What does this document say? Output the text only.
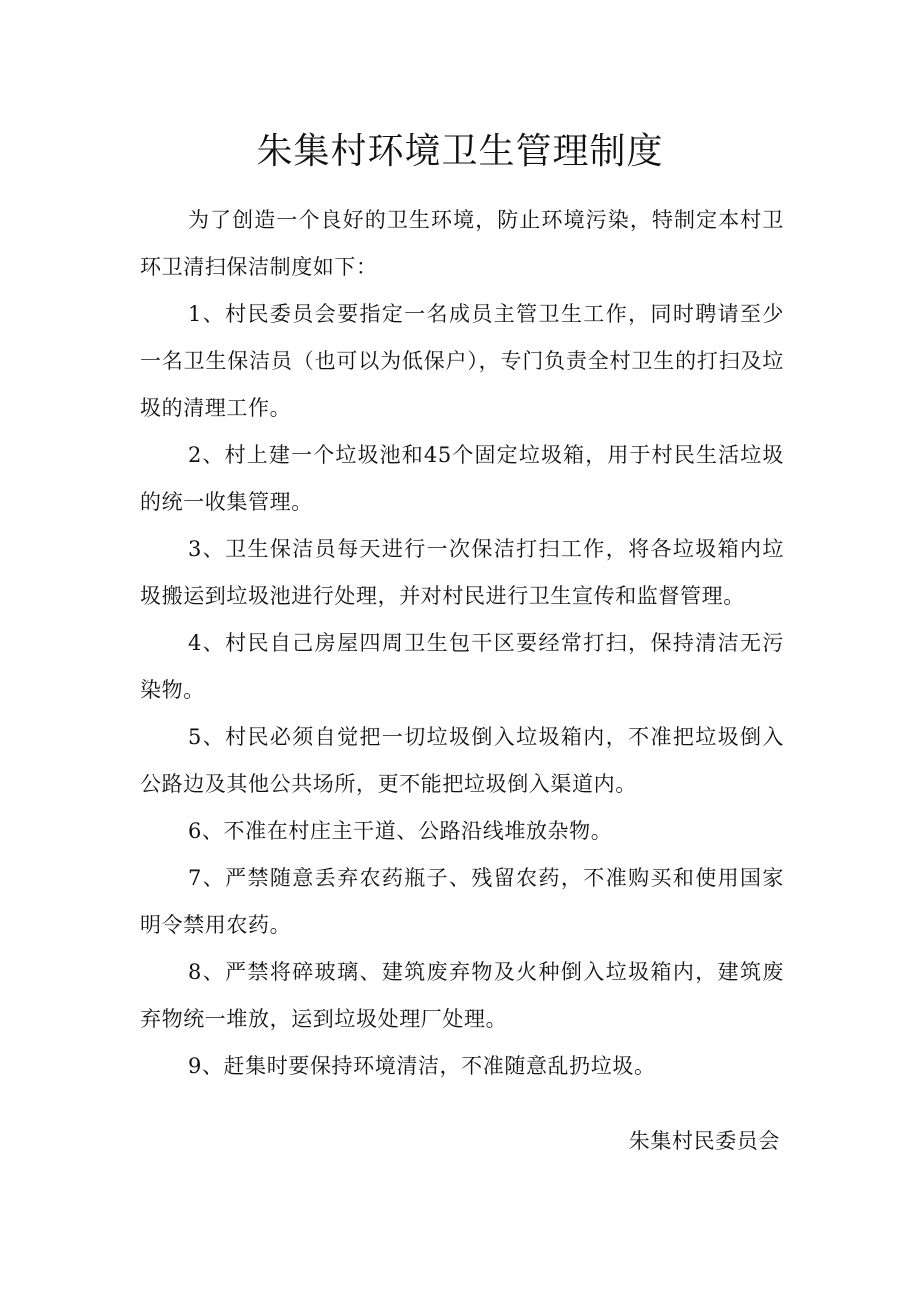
朱集村环境卫生管理制度

为了创造一个良好的卫生环境，防止环境污染，特制定本村卫环卫清扫保洁制度如下：

1、村民委员会要指定一名成员主管卫生工作，同时聘请至少一名卫生保洁员（也可以为低保户），专门负责全村卫生的打扫及垃圾的清理工作。

2、村上建一个垃圾池和45个固定垃圾箱，用于村民生活垃圾的统一收集管理。

3、卫生保洁员每天进行一次保洁打扫工作，将各垃圾箱内垃圾搬运到垃圾池进行处理，并对村民进行卫生宣传和监督管理。

4、村民自己房屋四周卫生包干区要经常打扫，保持清洁无污染物。

5、村民必须自觉把一切垃圾倒入垃圾箱内，不准把垃圾倒入公路边及其他公共场所，更不能把垃圾倒入渠道内。

6、不准在村庄主干道、公路沿线堆放杂物。

7、严禁随意丢弃农药瓶子、残留农药，不准购买和使用国家明令禁用农药。

8、严禁将碎玻璃、建筑废弃物及火种倒入垃圾箱内，建筑废弃物统一堆放，运到垃圾处理厂处理。

9、赶集时要保持环境清洁，不准随意乱扔垃圾。

朱集村民委员会
